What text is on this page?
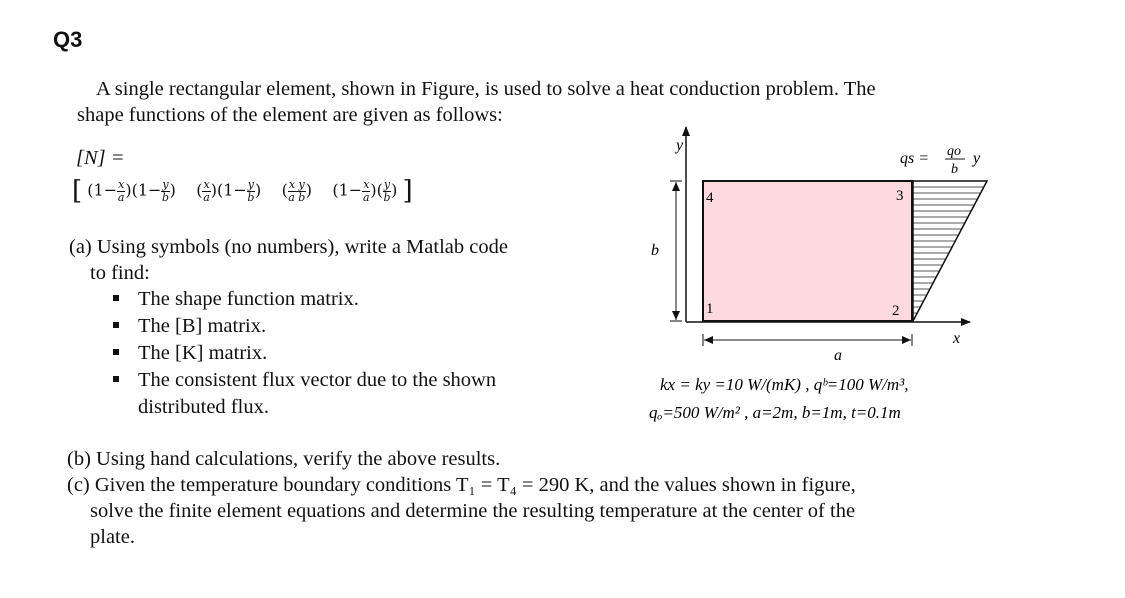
Q3
A single rectangular element, shown in Figure, is used to solve a heat conduction problem. The
shape functions of the element are given as follows:
[N] =
[ $(1- \frac{x}{a} )(1- \frac{y}{b}$ ) ( $\frac{x}{a} )(1- \frac{y}{b}$ ) ( $\frac{\text{x y}}{\text{a b}}$ ) ($1- \frac{x}{a}$ )( $\frac{y}{b}$ ) ]
(a) Using symbols (no numbers), write a Matlab code
to find:
The shape function matrix.
The [B] matrix.
The [K] matrix.
The consistent flux vector due to the shown
distributed flux.
(b) Using hand calculations, verify the above results.
(c) Given the temperature boundary conditions T₁ = T₄ = 290 K, and the values shown in figure,
solve the finite element equations and determine the resulting temperature at the center of the
plate.
y
x
1	2
3
4
b
a
qs = qo
b
y
kx = ky =10 W/(mK) , qᵇ=100 W/m³,
qₒ=500 W/m² , a=2m, b=1m, t=0.1m
